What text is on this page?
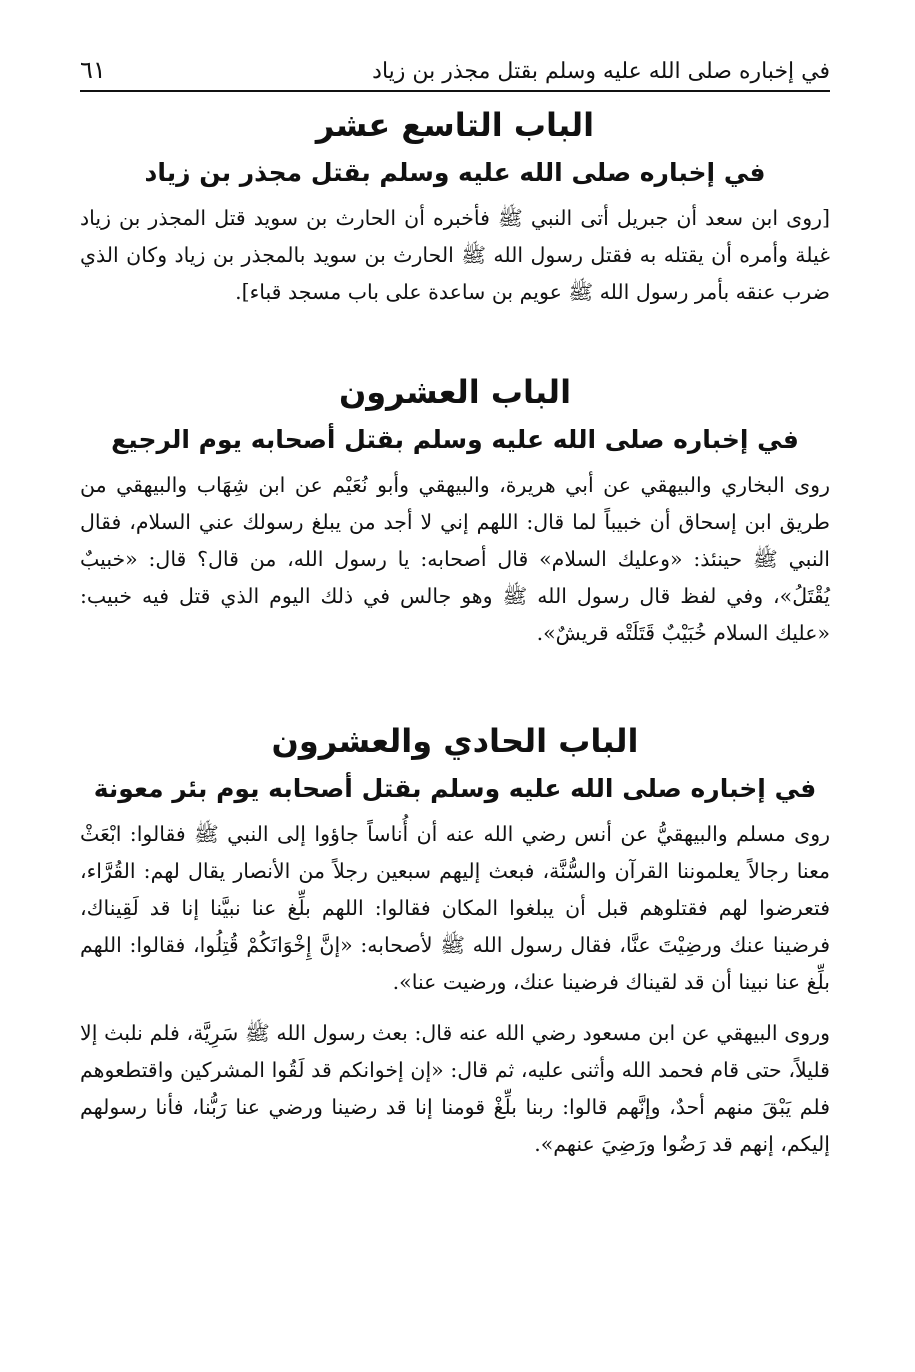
في إخباره صلى الله عليه وسلم بقتل مجذر بن زياد
٦١
الباب التاسع عشر
في إخباره صلى الله عليه وسلم بقتل مجذر بن زياد

[روى ابن سعد أن جبريل أتى النبي ﷺ فأخبره أن الحارث بن سويد قتل المجذر بن زياد غيلة وأمره أن يقتله به فقتل رسول الله ﷺ الحارث بن سويد بالمجذر بن زياد وكان الذي ضرب عنقه بأمر رسول الله ﷺ عويم بن ساعدة على باب مسجد قباء].

الباب العشرون
في إخباره صلى الله عليه وسلم بقتل أصحابه يوم الرجيع

روى البخاري والبيهقي عن أبي هريرة، والبيهقي وأبو نُعَيْم عن ابن شِهَاب والبيهقي من طريق ابن إسحاق أن خبيباً لما قال: اللهم إني لا أجد من يبلغ رسولك عني السلام، فقال النبي ﷺ حينئذ: «وعليك السلام» قال أصحابه: يا رسول الله، من قال؟ قال: «خبيبٌ يُقْتَلُ»، وفي لفظ قال رسول الله ﷺ وهو جالس في ذلك اليوم الذي قتل فيه خبيب: «عليك السلام خُبَيْبٌ قَتَلَتْه قريشٌ».

الباب الحادي والعشرون
في إخباره صلى الله عليه وسلم بقتل أصحابه يوم بئر معونة

روى مسلم والبيهقيُّ عن أنس رضي الله عنه أن أُناساً جاؤوا إلى النبي ﷺ فقالوا: ابْعَثْ معنا رجالاً يعلموننا القرآن والسُّنَّة، فبعث إليهم سبعين رجلاً من الأنصار يقال لهم: القُرَّاء، فتعرضوا لهم فقتلوهم قبل أن يبلغوا المكان فقالوا: اللهم بلِّغ عنا نبيَّنا إنا قد لَقِيناك، فرضينا عنك ورضِيْتَ عنَّا، فقال رسول الله ﷺ لأصحابه: «إنَّ إِخْوَانَكُمْ قُتِلُوا، فقالوا: اللهم بلِّغ عنا نبينا أن قد لقيناك فرضينا عنك، ورضيت عنا».

وروى البيهقي عن ابن مسعود رضي الله عنه قال: بعث رسول الله ﷺ سَرِيَّة، فلم نلبث إلا قليلاً، حتى قام فحمد الله وأثنى عليه، ثم قال: «إن إخوانكم قد لَقُوا المشركين واقتطعوهم فلم يَبْقَ منهم أحدٌ، وإنَّهم قالوا: ربنا بلِّغْ قومنا إنا قد رضينا ورضي عنا رَبُّنا، فأنا رسولهم إليكم، إنهم قد رَضُوا ورَضِيَ عنهم».
